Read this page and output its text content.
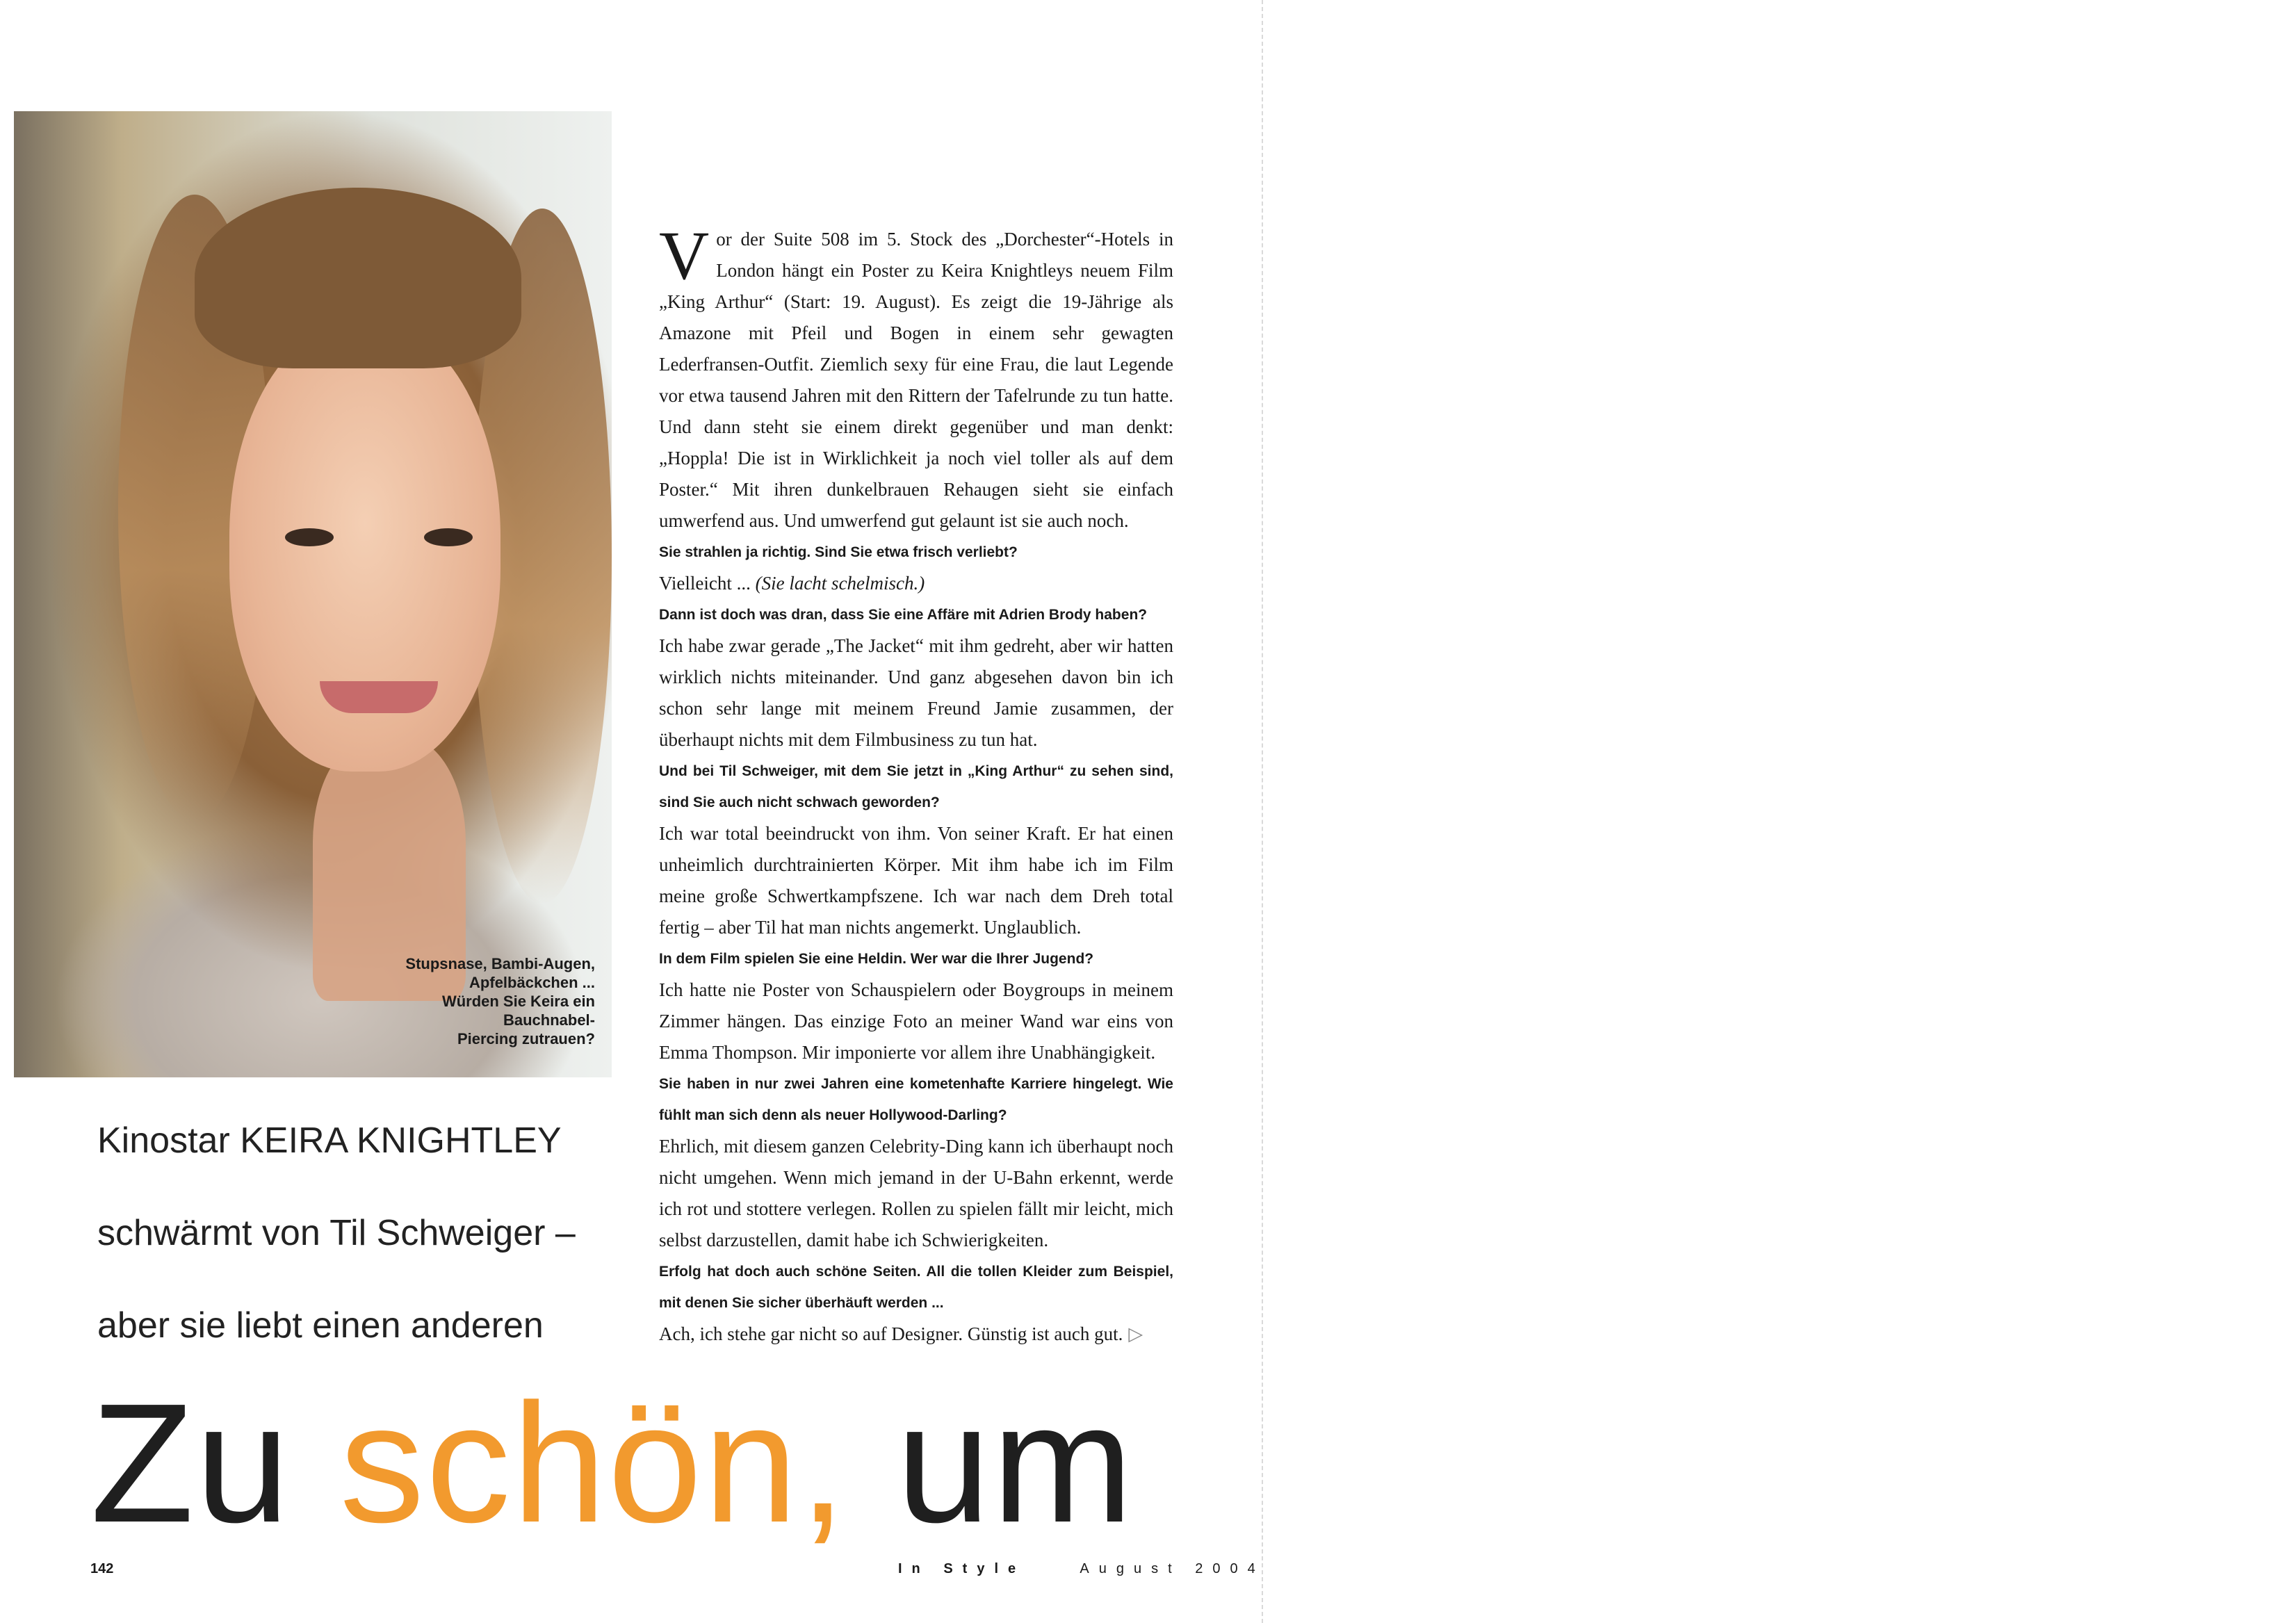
Stupsnase, Bambi-Augen,
Apfelbäckchen ...
Würden Sie Keira ein
Bauchnabel-
Piercing zutrauen?

Vor der Suite 508 im 5. Stock des „Dorchester“-Hotels in London hängt ein Poster zu Keira Knightleys neuem Film „King Arthur“ (Start: 19. August). Es zeigt die 19-Jährige als Amazone mit Pfeil und Bogen in einem sehr gewagten Lederfransen-Outfit. Ziemlich sexy für eine Frau, die laut Legende vor etwa tausend Jahren mit den Rittern der Tafelrunde zu tun hatte. Und dann steht sie einem direkt gegenüber und man denkt: „Hoppla! Die ist in Wirklichkeit ja noch viel toller als auf dem Poster.“ Mit ihren dunkelbrauen Rehaugen sieht sie einfach umwerfend aus. Und umwerfend gut gelaunt ist sie auch noch.

Sie strahlen ja richtig. Sind Sie etwa frisch verliebt?

Vielleicht ... (Sie lacht schelmisch.)

Dann ist doch was dran, dass Sie eine Affäre mit Adrien Brody haben?

Ich habe zwar gerade „The Jacket“ mit ihm gedreht, aber wir hatten wirklich nichts miteinander. Und ganz abgesehen davon bin ich schon sehr lange mit meinem Freund Jamie zusammen, der überhaupt nichts mit dem Filmbusiness zu tun hat.

Und bei Til Schweiger, mit dem Sie jetzt in „King Arthur“ zu sehen sind, sind Sie auch nicht schwach geworden?

Ich war total beeindruckt von ihm. Von seiner Kraft. Er hat einen unheimlich durchtrainierten Körper. Mit ihm habe ich im Film meine große Schwertkampfszene. Ich war nach dem Dreh total fertig – aber Til hat man nichts angemerkt. Unglaublich.

In dem Film spielen Sie eine Heldin. Wer war die Ihrer Jugend?

Ich hatte nie Poster von Schauspielern oder Boygroups in meinem Zimmer hängen. Das einzige Foto an meiner Wand war eins von Emma Thompson. Mir imponierte vor allem ihre Unabhängigkeit.

Sie haben in nur zwei Jahren eine kometenhafte Karriere hingelegt. Wie fühlt man sich denn als neuer Hollywood-Darling?

Ehrlich, mit diesem ganzen Celebrity-Ding kann ich überhaupt noch nicht umgehen. Wenn mich jemand in der U-Bahn erkennt, werde ich rot und stottere verlegen. Rollen zu spielen fällt mir leicht, mich selbst darzustellen, damit habe ich Schwierigkeiten.

Erfolg hat doch auch schöne Seiten. All die tollen Kleider zum Beispiel, mit denen Sie sicher überhäuft werden ...

Ach, ich stehe gar nicht so auf Designer. Günstig ist auch gut. ▷

Kinostar KEIRA KNIGHTLEY
schwärmt von Til Schweiger –
aber sie liebt einen anderen
Zu schön, um
142	In Style	August 2004
